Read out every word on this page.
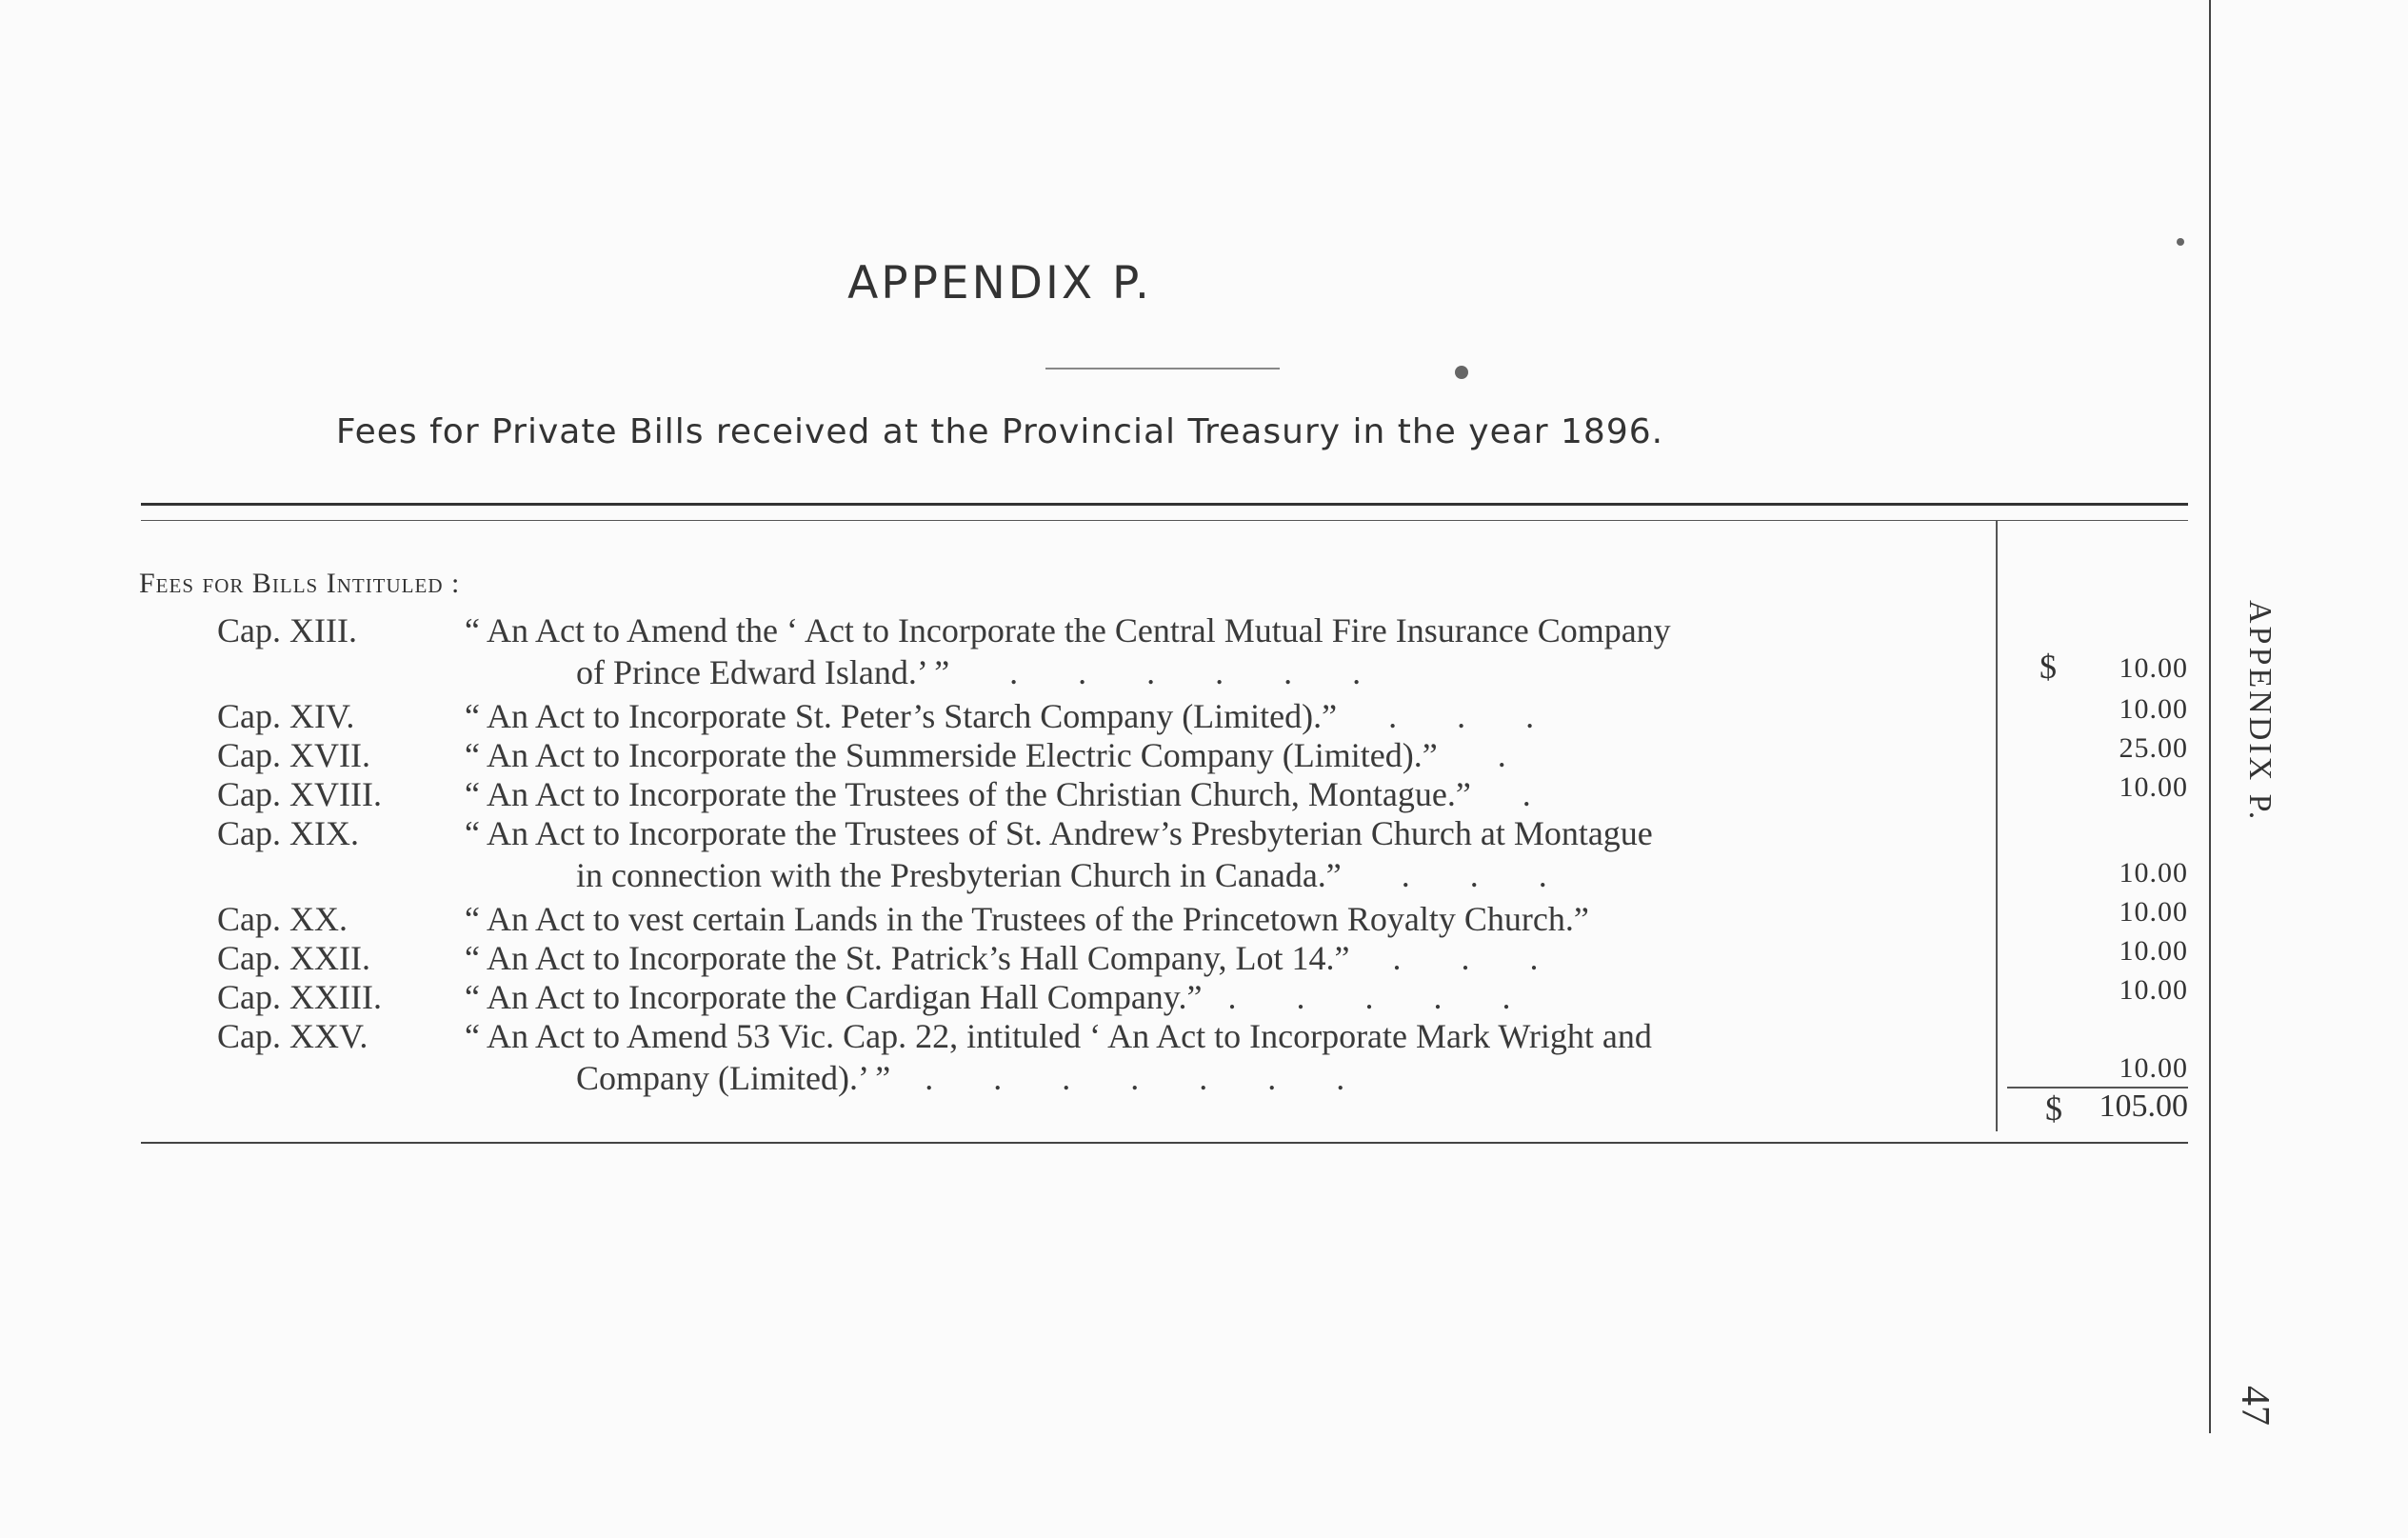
APPENDIX P.
Fees for Private Bills received at the Provincial Treasury in the year 1896.
Fees for Bills Intituled :
Cap. XIII.	“ An Act to Amend the ‘ Act to Incorporate the Central Mutual Fire Insurance Company
of Prince Edward Island.’ ”       .       .       .       .       .       .	$ 10.00
Cap. XIV.	“ An Act to Incorporate St. Peter’s Starch Company (Limited).”      .       .       .	10.00
Cap. XVII.	“ An Act to Incorporate the Summerside Electric Company (Limited).”       .	25.00
Cap. XVIII. “ An Act to Incorporate the Trustees of the Christian Church, Montague.”      .	10.00
Cap. XIX.	“ An Act to Incorporate the Trustees of St. Andrew’s Presbyterian Church at Montague
in connection with the Presbyterian Church in Canada.”       .       .       .	10.00
Cap. XX.	“ An Act to vest certain Lands in the Trustees of the Princetown Royalty Church.”	10.00
Cap. XXII.	“ An Act to Incorporate the St. Patrick’s Hall Company, Lot 14.”     .       .       .	10.00
Cap. XXIII. “ An Act to Incorporate the Cardigan Hall Company.”   .       .       .       .       .	10.00
Cap. XXV.	“ An Act to Amend 53 Vic. Cap. 22, intituled ‘ An Act to Incorporate Mark Wright and
Company (Limited).’ ”    .       .       .       .       .       .       .	10.00
$ 105.00
APPENDIX P.
47
